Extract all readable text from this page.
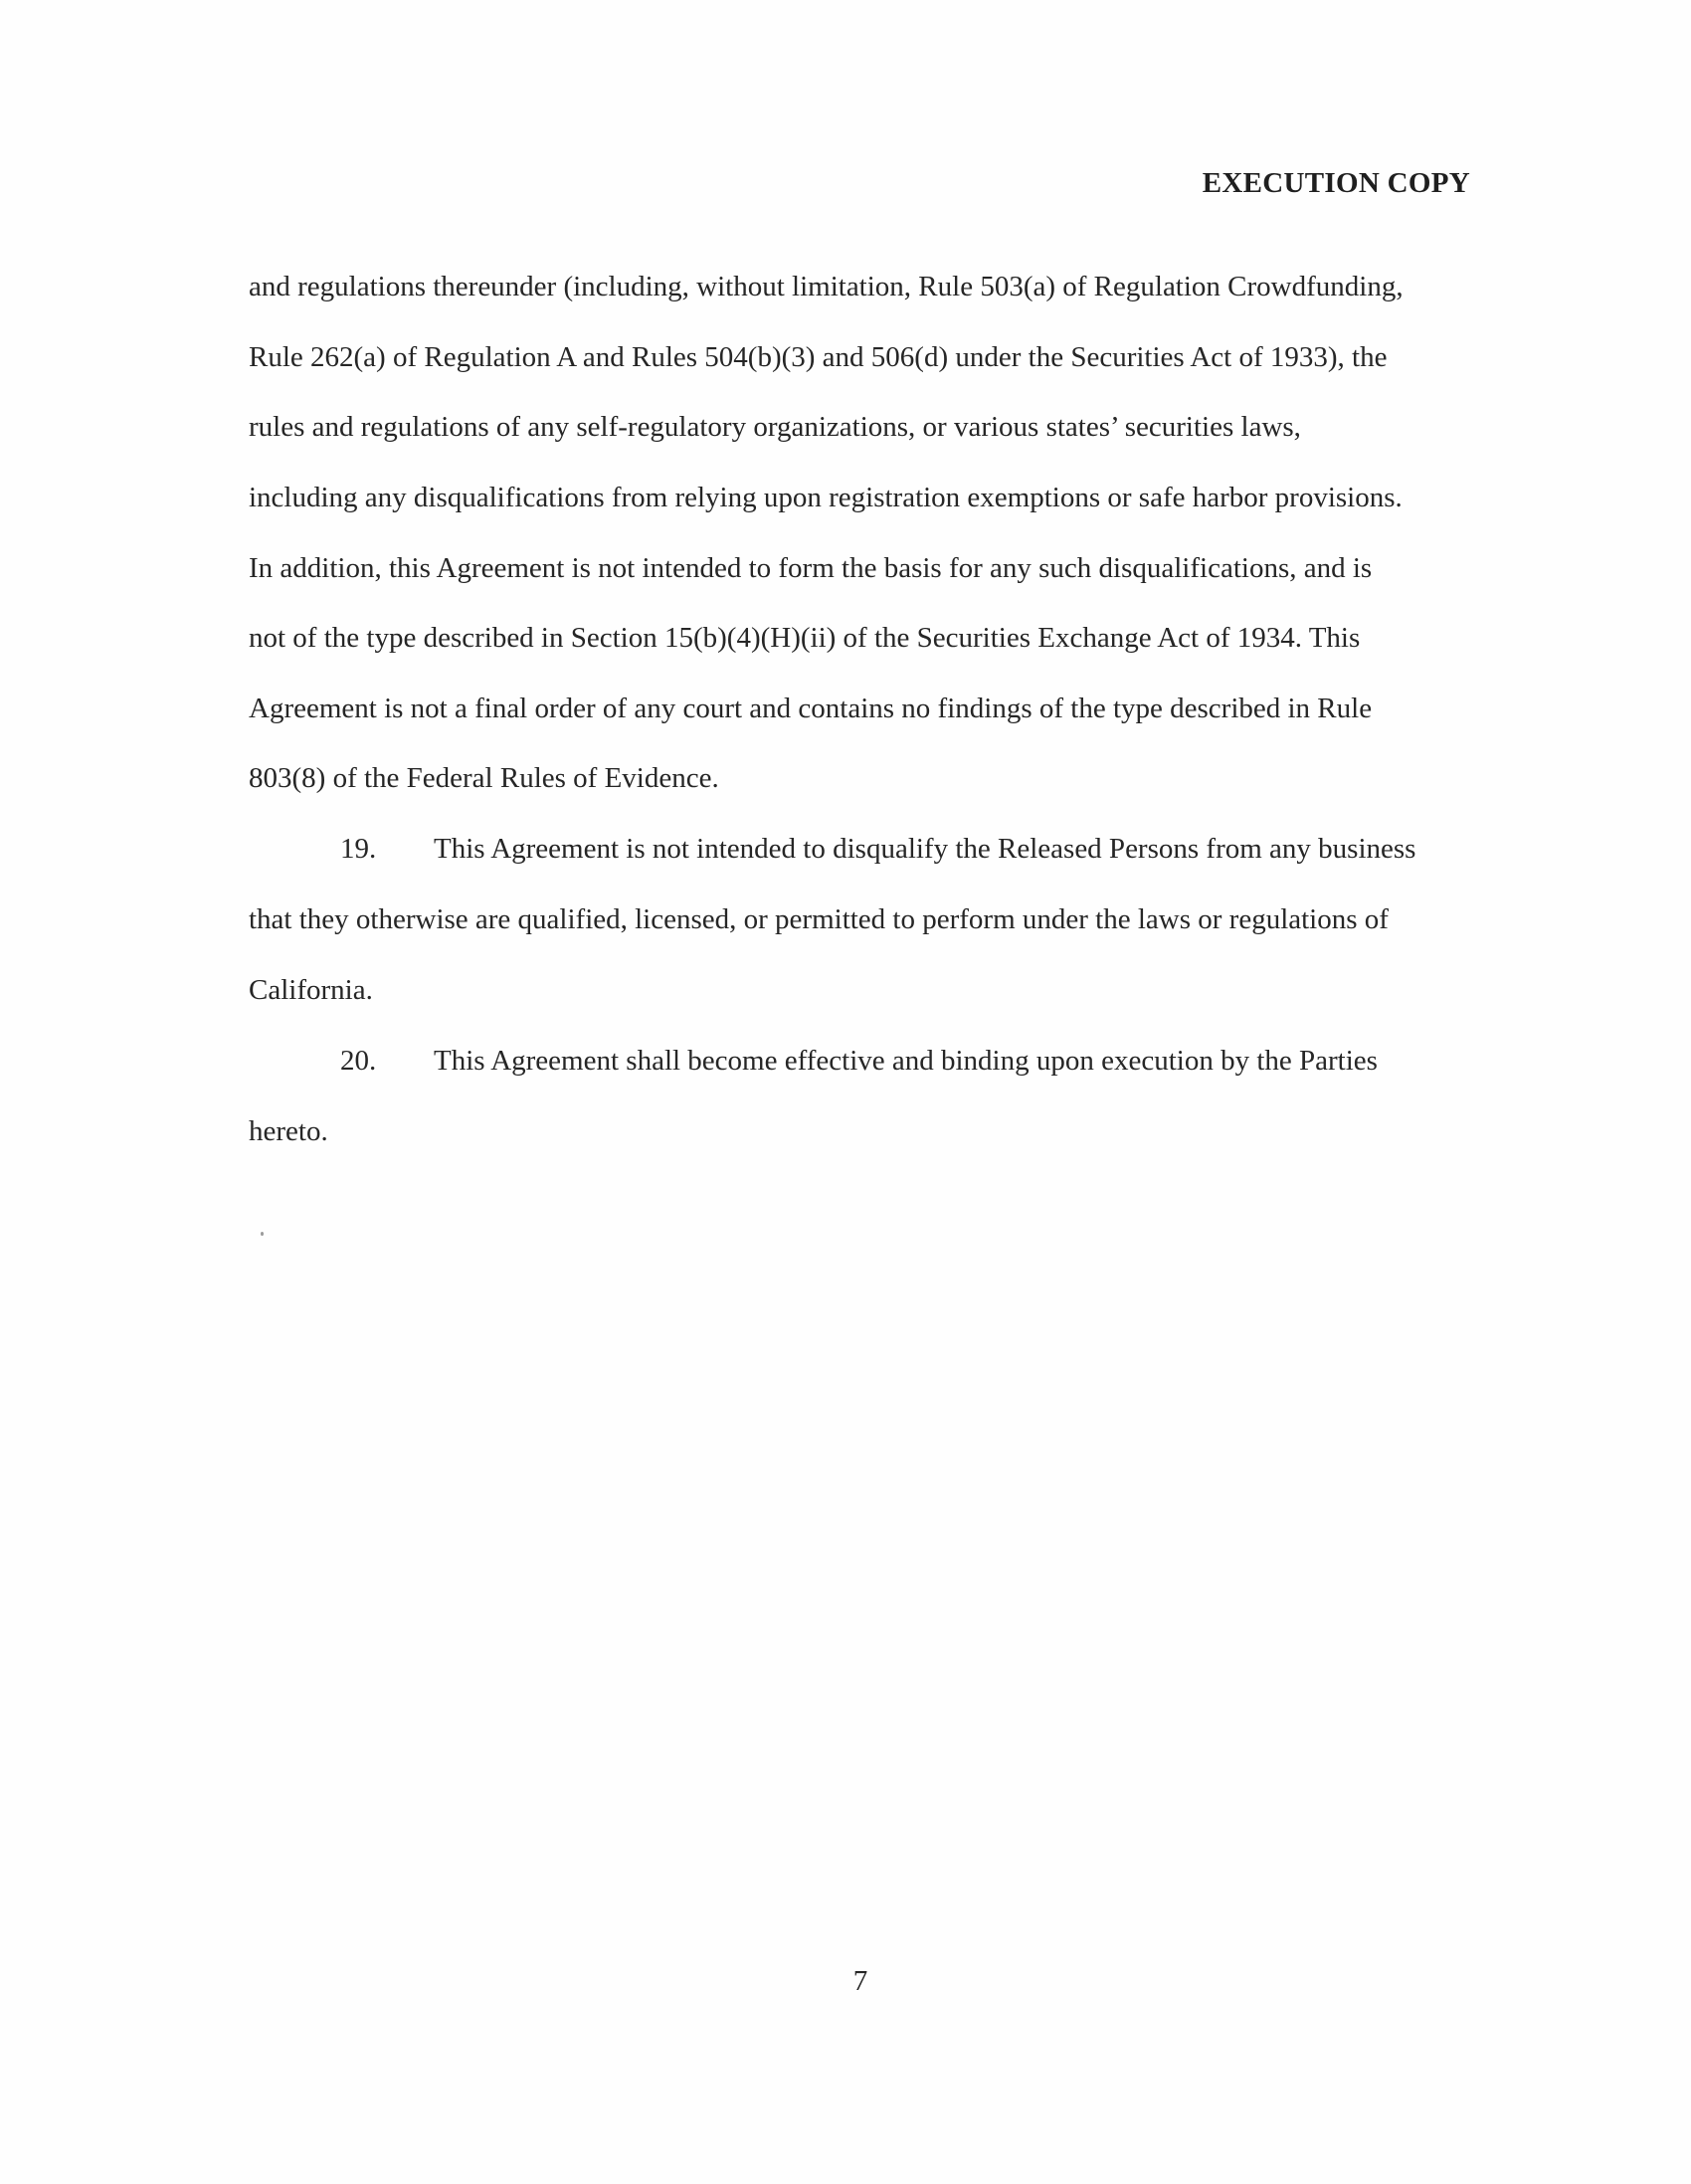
EXECUTION COPY
and regulations thereunder (including, without limitation, Rule 503(a) of Regulation Crowdfunding,
Rule 262(a) of Regulation A and Rules 504(b)(3) and 506(d) under the Securities Act of 1933), the
rules and regulations of any self-regulatory organizations, or various states’ securities laws,
including any disqualifications from relying upon registration exemptions or safe harbor provisions.
In addition, this Agreement is not intended to form the basis for any such disqualifications, and is
not of the type described in Section 15(b)(4)(H)(ii) of the Securities Exchange Act of 1934. This
Agreement is not a final order of any court and contains no findings of the type described in Rule
803(8) of the Federal Rules of Evidence.
19. This Agreement is not intended to disqualify the Released Persons from any business
that they otherwise are qualified, licensed, or permitted to perform under the laws or regulations of
California.
20. This Agreement shall become effective and binding upon execution by the Parties
hereto.
7
